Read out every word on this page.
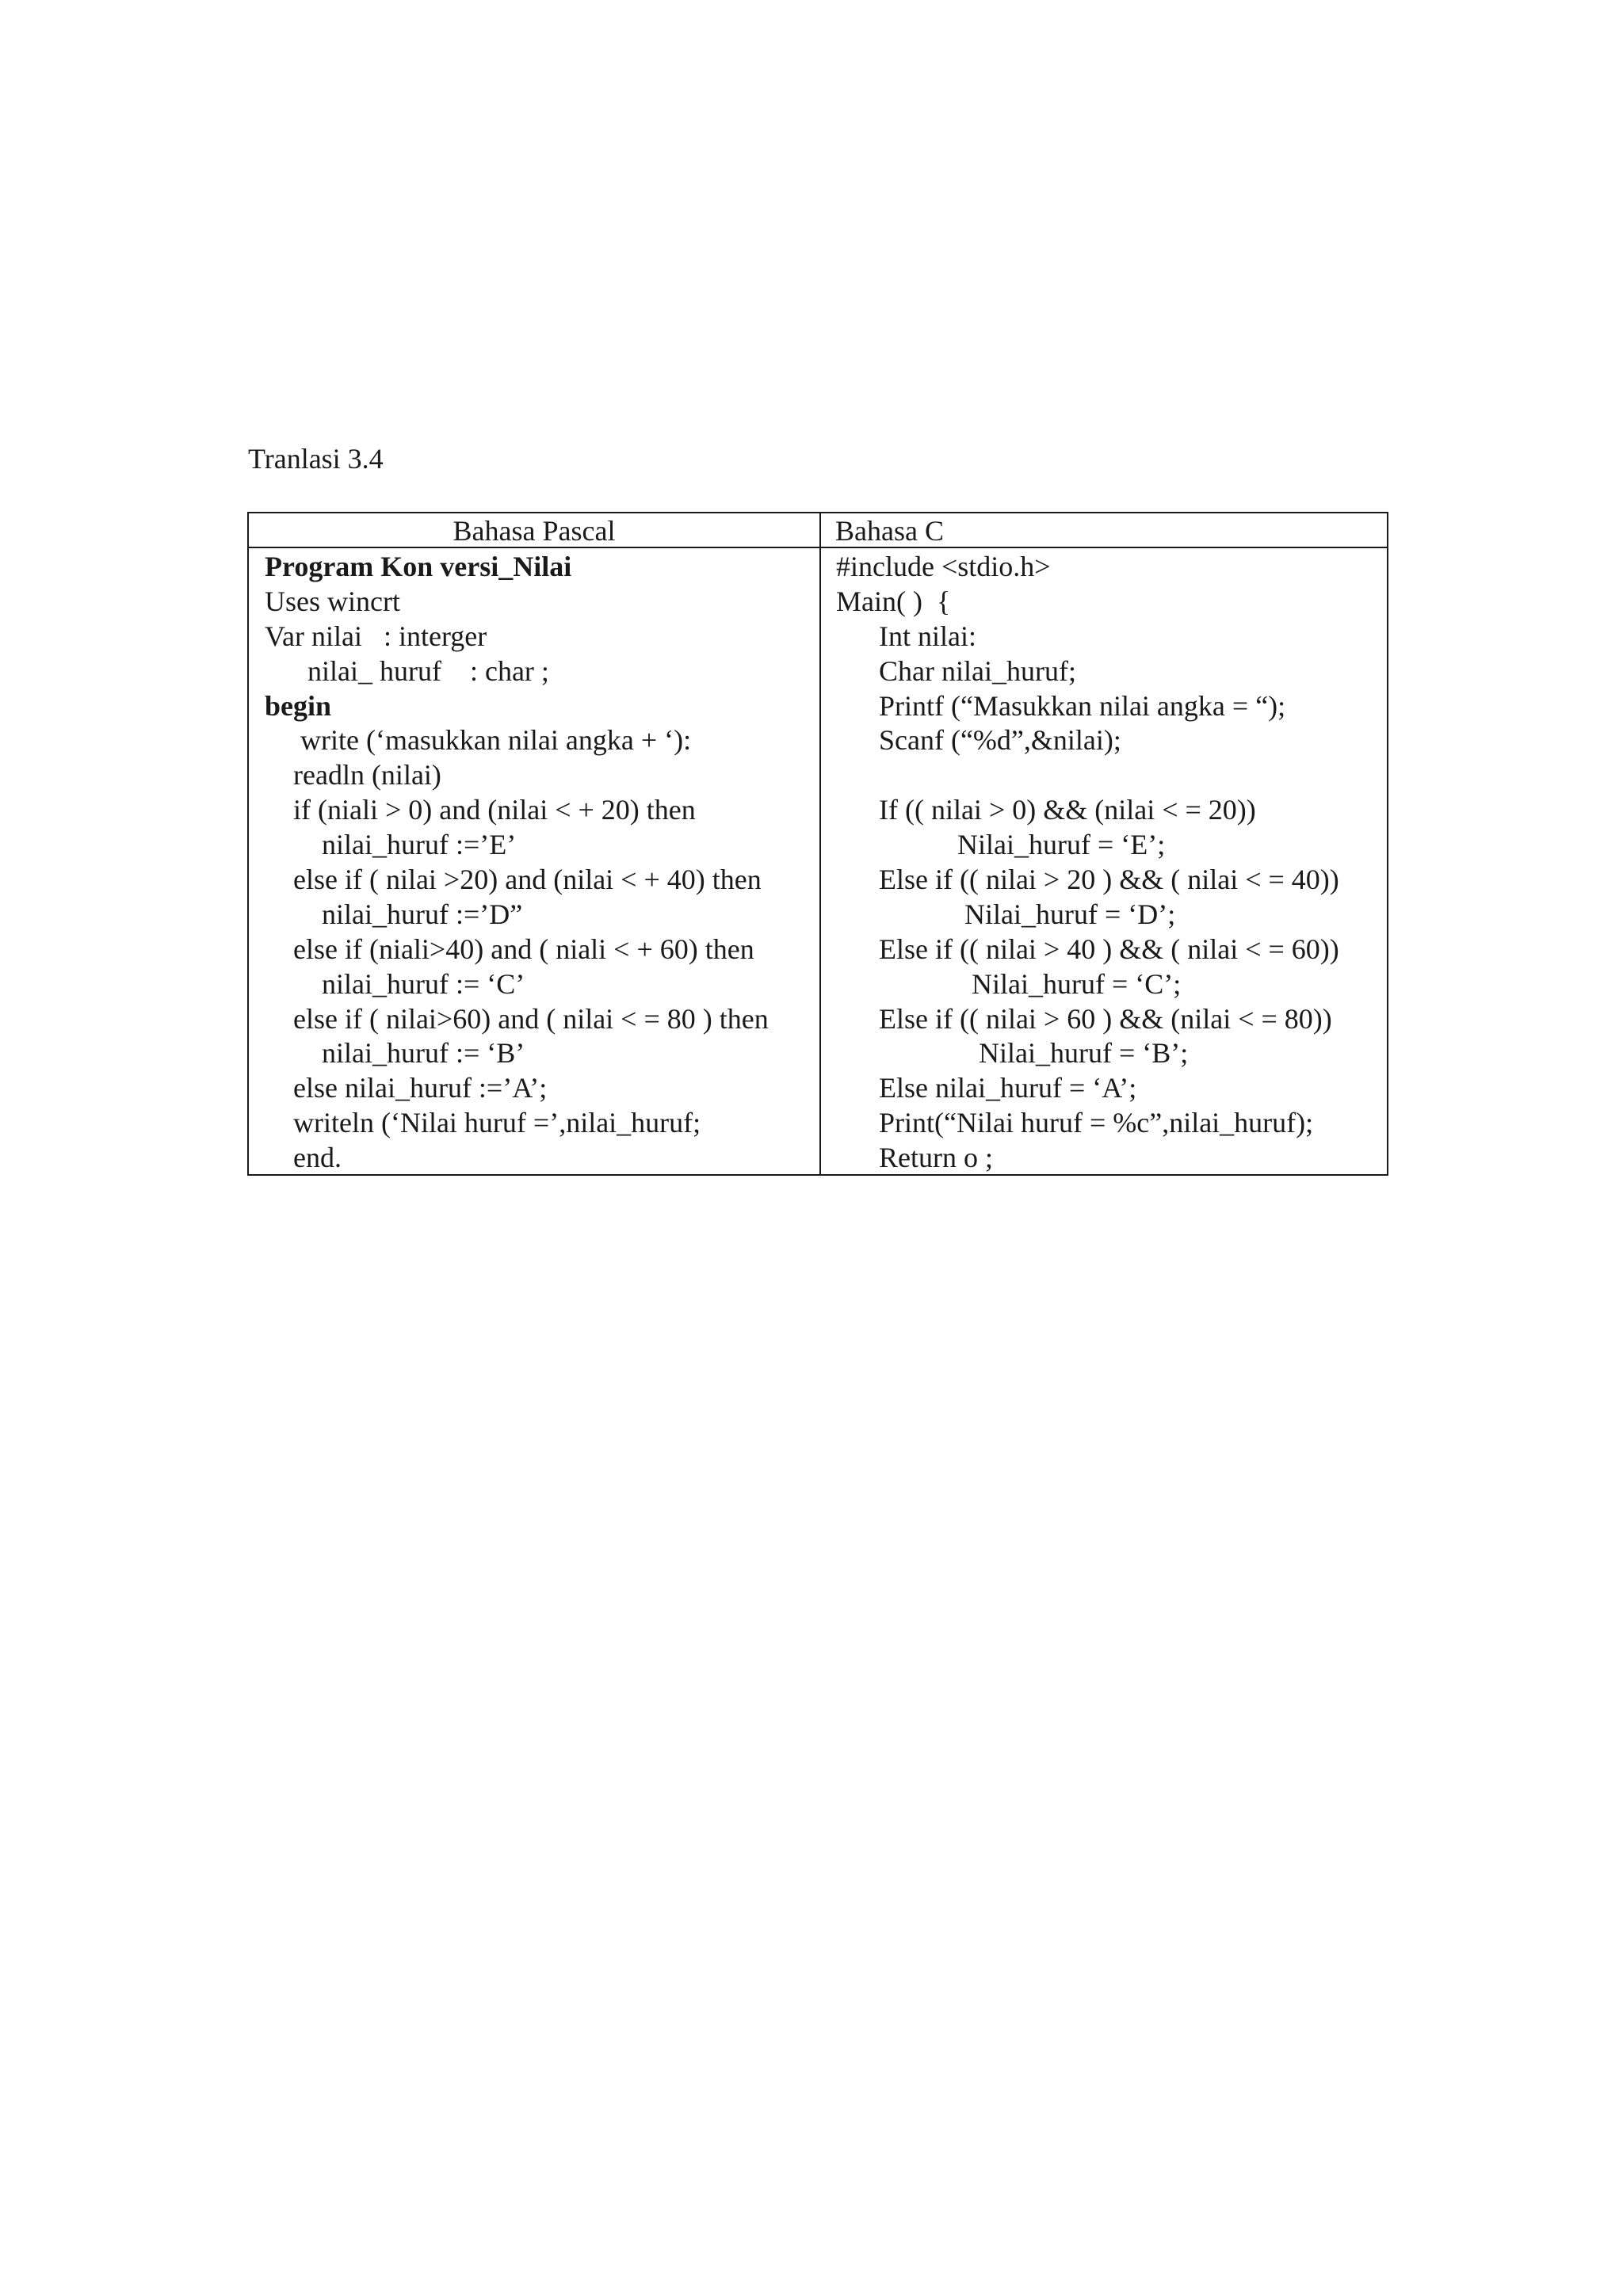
Tranlasi 3.4
Bahasa Pascal	Bahasa C
Program Kon versi_Nilai
Uses wincrt
Var nilai   : interger
nilai_ huruf    : char ;
begin
write (‘masukkan nilai angka + ‘):
readln (nilai)
if (niali > 0) and (nilai < + 20) then
nilai_huruf :=’E’
else if ( nilai >20) and (nilai < + 40) then
nilai_huruf :=’D”
else if (niali>40) and ( niali < + 60) then
nilai_huruf := ‘C’
else if ( nilai>60) and ( nilai < = 80 ) then
nilai_huruf := ‘B’
else nilai_huruf :=’A’;
writeln (‘Nilai huruf =’,nilai_huruf;
end.
#include <stdio.h>
Main( )  {
Int nilai:
Char nilai_huruf;
Printf (“Masukkan nilai angka = “);
Scanf (“%d”,&nilai);
If (( nilai > 0) && (nilai < = 20))
Nilai_huruf = ‘E’;
Else if (( nilai > 20 ) && ( nilai < = 40))
Nilai_huruf = ‘D’;
Else if (( nilai > 40 ) && ( nilai < = 60))
Nilai_huruf = ‘C’;
Else if (( nilai > 60 ) && (nilai < = 80))
Nilai_huruf = ‘B’;
Else nilai_huruf = ‘A’;
Print(“Nilai huruf = %c”,nilai_huruf);
Return o ;
